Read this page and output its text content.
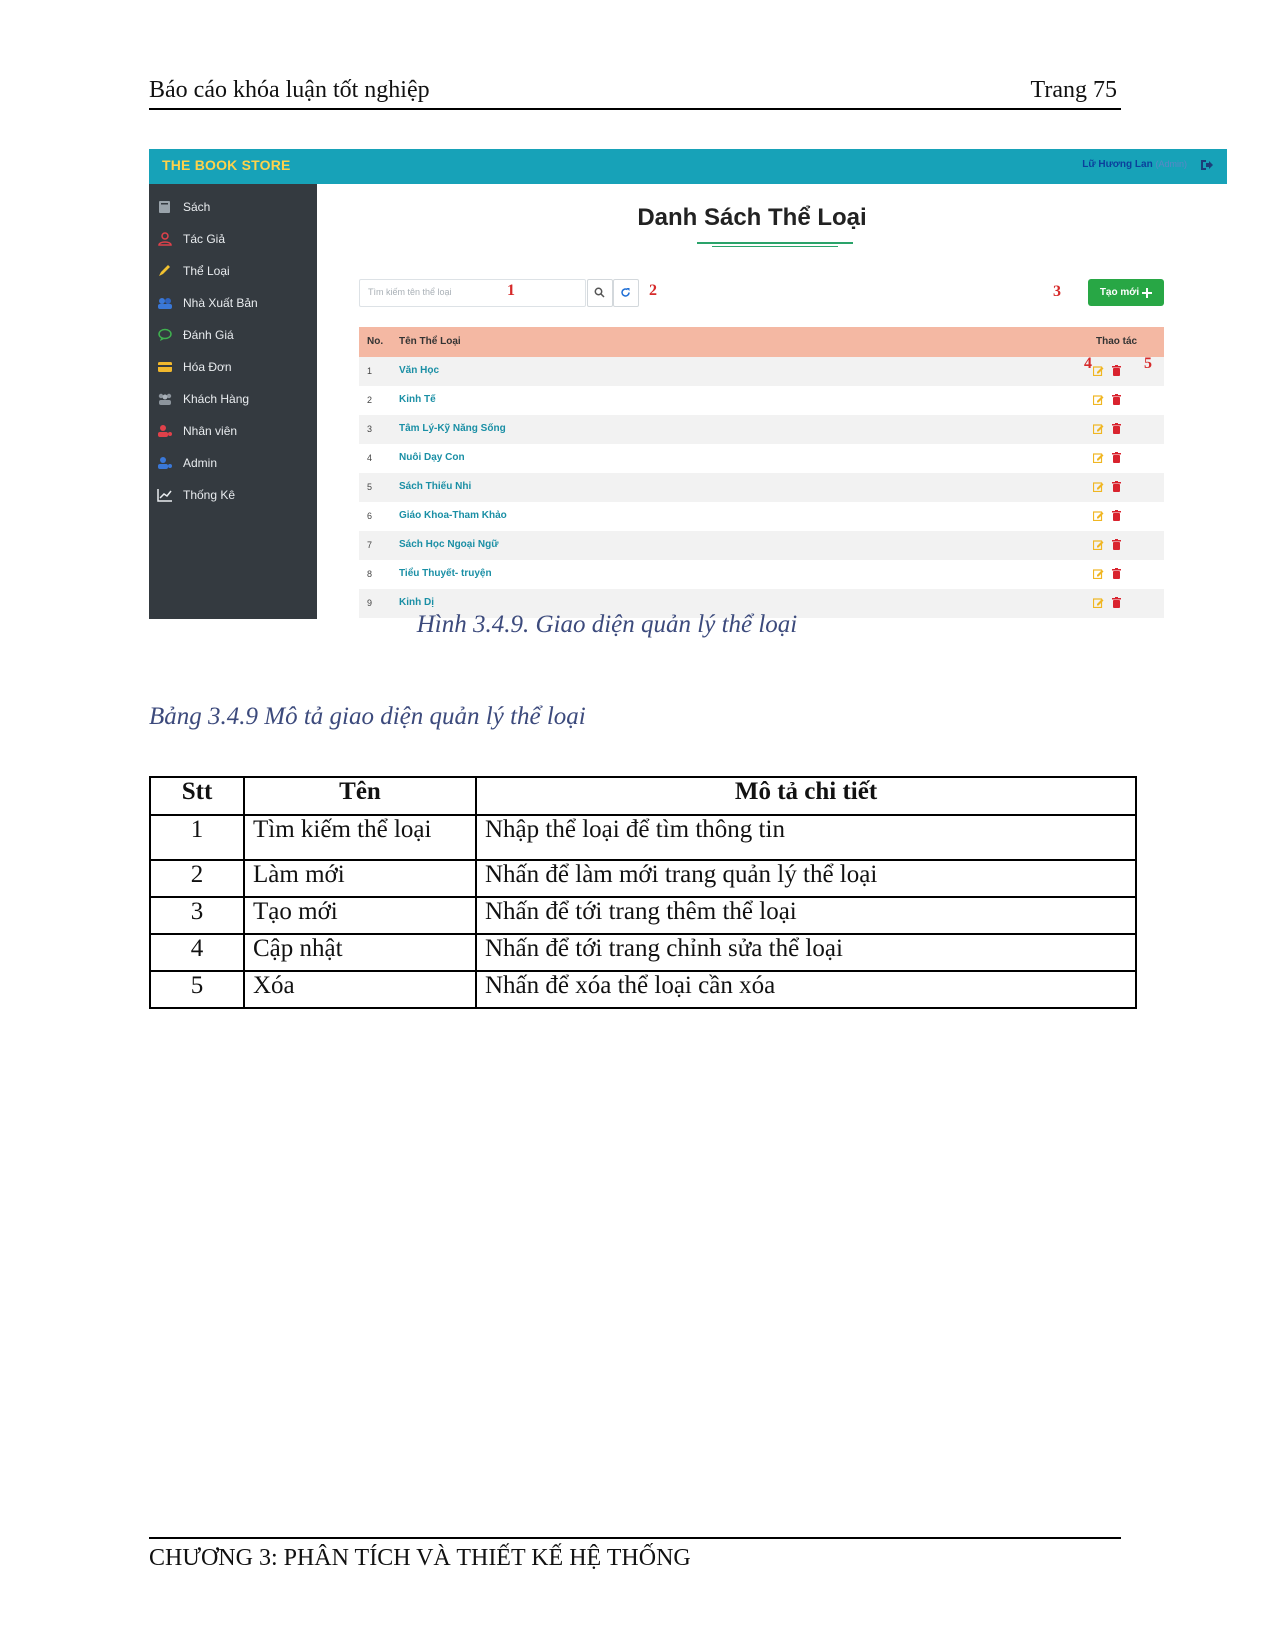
Báo cáo khóa luận tốt nghiệp	Trang 75
THE BOOK STORE	Lữ Hương Lan (Admin)
Sách
Tác Giả
Thể Loại
Nhà Xuất Bản
Đánh Giá
Hóa Đơn
Khách Hàng
Nhân viên
Admin
Thống Kê
Danh Sách Thể Loại
Tìm kiếm tên thể loại	1	2	3	Tạo mới
No. Tên Thể Loại	Thao tác
1	Văn Học	4	5
2	Kinh Tế
3	Tâm Lý-Kỹ Năng Sống
4	Nuôi Dạy Con
5	Sách Thiếu Nhi
6	Giáo Khoa-Tham Khảo
7	Sách Học Ngoại Ngữ
8	Tiểu Thuyết- truyện
9	Kinh Dị
Hình 3.4.9. Giao diện quản lý thể loại
Bảng 3.4.9 Mô tả giao diện quản lý thể loại
Stt	Tên	Mô tả chi tiết
1	Tìm kiếm thể loại	Nhập thể loại để tìm thông tin
2	Làm mới	Nhấn để làm mới trang quản lý thể loại
3	Tạo mới	Nhấn để tới trang thêm thể loại
4	Cập nhật	Nhấn để tới trang chỉnh sửa thể loại
5	Xóa	Nhấn để xóa thể loại cần xóa
CHƯƠNG 3: PHÂN TÍCH VÀ THIẾT KẾ HỆ THỐNG
